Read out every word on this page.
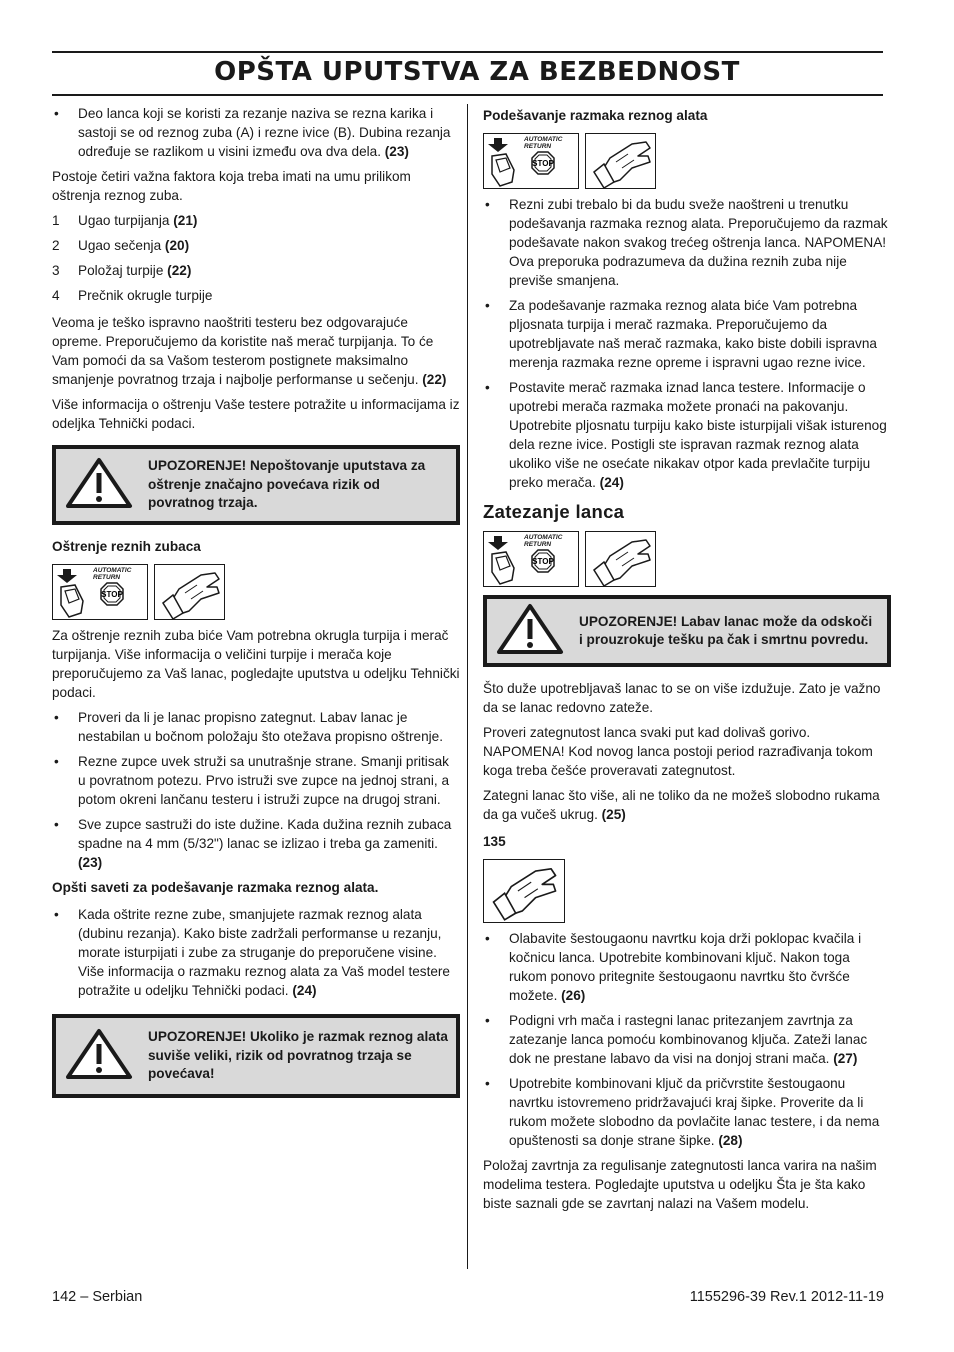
OPŠTA UPUTSTVA ZA BEZBEDNOST
• Deo lanca koji se koristi za rezanje naziva se rezna karika i sastoji se od reznog zuba (A) i rezne ivice (B). Dubina rezanja određuje se razlikom u visini između ova dva dela. (23)

Postoje četiri važna faktora koja treba imati na umu prilikom oštrenja reznog zuba.

1 Ugao turpijanja (21)
2 Ugao sečenja (20)
3 Položaj turpije (22)
4 Prečnik okrugle turpije

Veoma je teško ispravno naoštriti testeru bez odgovarajuće opreme. Preporučujemo da koristite naš merač turpijanja. To će Vam pomoći da sa Vašom testerom postignete maksimalno smanjenje povratnog trzaja i najbolje performanse u sečenju. (22)

Više informacija o oštrenju Vaše testere potražite u informacijama iz odeljka Tehnički podaci.

UPOZORENJE! Nepoštovanje uputstava za oštrenje značajno povećava rizik od povratnog trzaja.
Oštrenje reznih zubaca
STOP
AUTOMATIC
RETURN

Za oštrenje reznih zuba biće Vam potrebna okrugla turpija i merač turpijanja. Više informacija o veličini turpije i merača koje preporučujemo za Vaš lanac, pogledajte uputstva u odeljku Tehnički podaci.

• Proveri da li je lanac propisno zategnut. Labav lanac je nestabilan u bočnom položaju što otežava propisno oštrenje.
• Rezne zupce uvek struži sa unutrašnje strane. Smanji pritisak u povratnom potezu. Prvo istruži sve zupce na jednoj strani, a potom okreni lančanu testeru i istruži zupce na drugoj strani.
• Sve zupce sastruži do iste dužine. Kada dužina reznih zubaca spadne na 4 mm (5/32") lanac se izlizao i treba ga zameniti. (23)
Opšti saveti za podešavanje razmaka reznog alata.
• Kada oštrite rezne zube, smanjujete razmak reznog alata (dubinu rezanja). Kako biste zadržali performanse u rezanju, morate isturpijati i zube za struganje do preporučene visine. Više informacija o razmaku reznog alata za Vaš model testere potražite u odeljku Tehnički podaci. (24)
UPOZORENJE! Ukoliko je razmak reznog alata suviše veliki, rizik od povratnog trzaja se povećava!
Podešavanje razmaka reznog alata
STOP
AUTOMATIC
RETURN
• Rezni zubi trebalo bi da budu sveže naoštreni u trenutku podešavanja razmaka reznog alata. Preporučujemo da razmak podešavate nakon svakog trećeg oštrenja lanca. NAPOMENA! Ova preporuka podrazumeva da dužina reznih zuba nije previše smanjena.
• Za podešavanje razmaka reznog alata biće Vam potrebna pljosnata turpija i merač razmaka. Preporučujemo da upotrebljavate naš merač razmaka, kako biste dobili ispravna merenja razmaka rezne opreme i ispravni ugao rezne ivice.
• Postavite merač razmaka iznad lanca testere. Informacije o upotrebi merača razmaka možete pronaći na pakovanju. Upotrebite pljosnatu turpiju kako biste isturpijali višak isturenog dela rezne ivice. Postigli ste ispravan razmak reznog alata ukoliko više ne osećate nikakav otpor kada prevlačite turpiju preko merača. (24)
Zatezanje lanca
STOP
AUTOMATIC
RETURN
UPOZORENJE! Labav lanac može da odskoči i prouzrokuje tešku pa čak i smrtnu povredu.

Što duže upotrebljavaš lanac to se on više izdužuje. Zato je važno da se lanac redovno zateže.

Proveri zategnutost lanca svaki put kad dolivaš gorivo. NAPOMENA! Kod novog lanca postoji period razrađivanja tokom koga treba češće proveravati zategnutost.

Zategni lanac što više, ali ne toliko da ne možeš slobodno rukama da ga vučeš ukrug. (25)

135
• Olabavite šestougaonu navrtku koja drži poklopac kvačila i kočnicu lanca. Upotrebite kombinovani ključ. Nakon toga rukom ponovo pritegnite šestougaonu navrtku što čvršće možete. (26)
• Podigni vrh mača i rastegni lanac pritezanjem zavrtnja za zatezanje lanca pomoću kombinovanog ključa. Zateži lanac dok ne prestane labavo da visi na donjoj strani mača. (27)
• Upotrebite kombinovani ključ da pričvrstite šestougaonu navrtku istovremeno pridržavajući kraj šipke. Proverite da li rukom možete slobodno da povlačite lanac testere, i da nema opuštenosti sa donje strane šipke. (28)

Položaj zavrtnja za regulisanje zategnutosti lanca varira na našim modelima testera. Pogledajte uputstva u odeljku Šta je šta kako biste saznali gde se zavrtanj nalazi na Vašem modelu.

142 – Serbian	1155296-39 Rev.1 2012-11-19
